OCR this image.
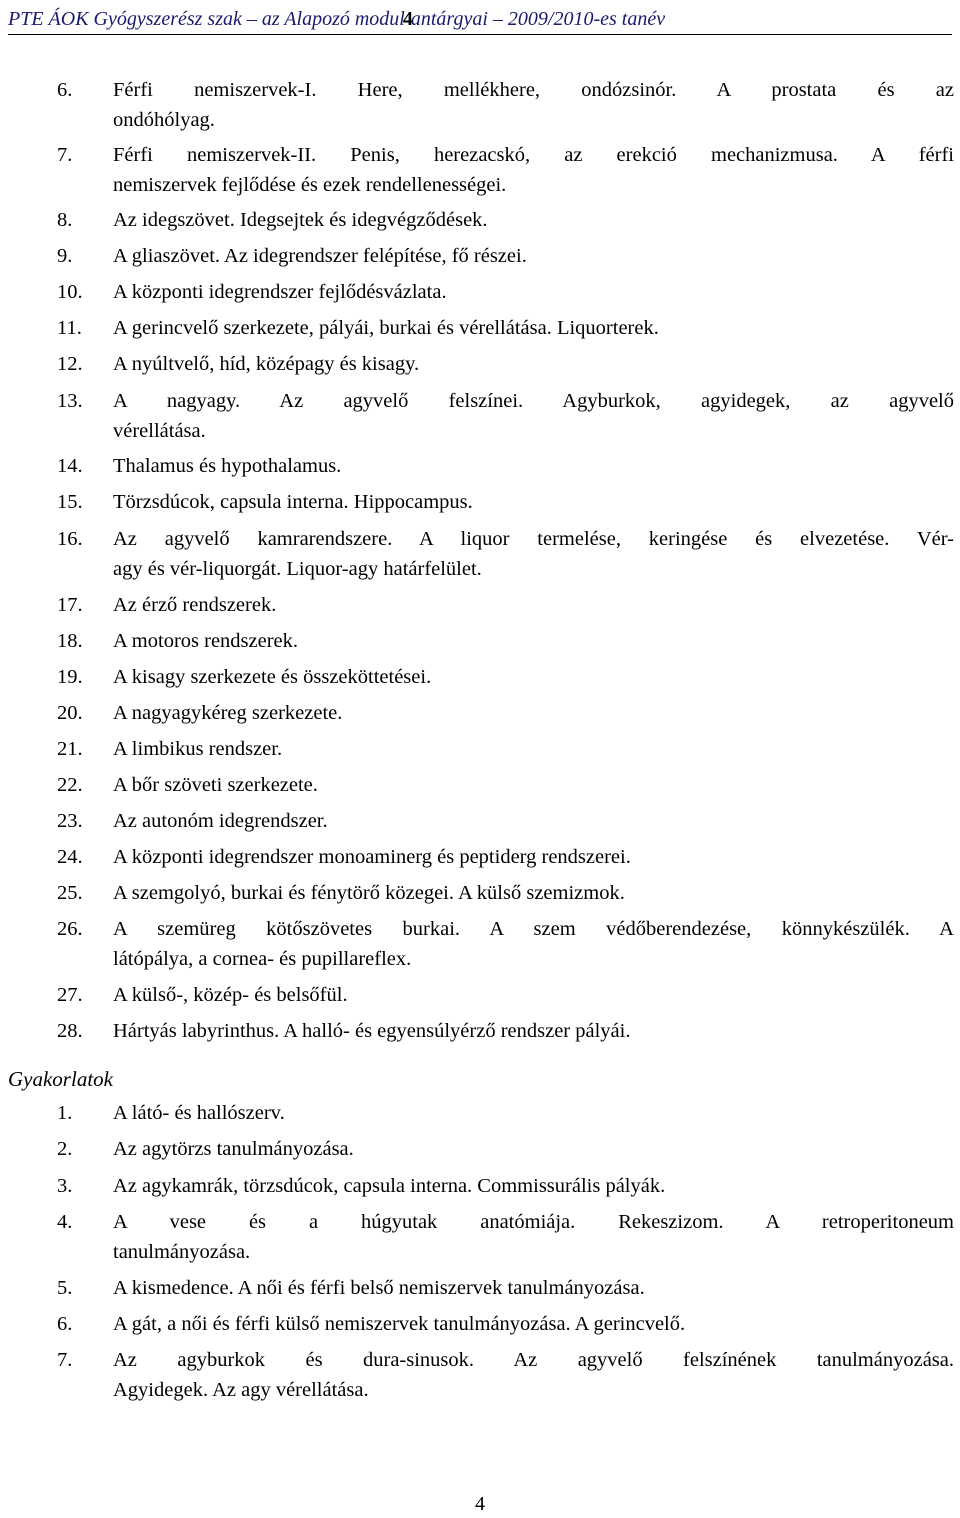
PTE ÁOK Gyógyszerész szak – az Alapozó modul4antárgyai – 2009/2010-es tanév
6. Férfi nemiszervek-I. Here, mellékhere, ondózsinór. A prostata és az
ondóhólyag.
7. Férfi nemiszervek-II. Penis, herezacskó, az erekció mechanizmusa. A férfi
nemiszervek fejlődése és ezek rendellenességei.
8. Az idegszövet. Idegsejtek és idegvégződések.
9. A gliaszövet. Az idegrendszer felépítése, fő részei.
10. A központi idegrendszer fejlődésvázlata.
11. A gerincvelő szerkezete, pályái, burkai és vérellátása. Liquorterek.
12. A nyúltvelő, híd, középagy és kisagy.
13. A nagyagy. Az agyvelő felszínei. Agyburkok, agyidegek, az agyvelő
vérellátása.
14. Thalamus és hypothalamus.
15. Törzsdúcok, capsula interna. Hippocampus.
16. Az agyvelő kamrarendszere. A liquor termelése, keringése és elvezetése. Vér-
agy és vér-liquorgát. Liquor-agy határfelület.
17. Az érző rendszerek.
18. A motoros rendszerek.
19. A kisagy szerkezete és összeköttetései.
20. A nagyagykéreg szerkezete.
21. A limbikus rendszer.
22. A bőr szöveti szerkezete.
23. Az autonóm idegrendszer.
24. A központi idegrendszer monoaminerg és peptiderg rendszerei.
25. A szemgolyó, burkai és fénytörő közegei. A külső szemizmok.
26. A szemüreg kötőszövetes burkai. A szem védőberendezése, könnykészülék. A
látópálya, a cornea- és pupillareflex.
27. A külső-, közép- és belsőfül.
28. Hártyás labyrinthus. A halló- és egyensúlyérző rendszer pályái.
Gyakorlatok
1. A látó- és hallószerv.
2. Az agytörzs tanulmányozása.
3. Az agykamrák, törzsdúcok, capsula interna. Commissurális pályák.
4. A vese és a húgyutak anatómiája. Rekeszizom. A retroperitoneum
tanulmányozása.
5. A kismedence. A női és férfi belső nemiszervek tanulmányozása.
6. A gát, a női és férfi külső nemiszervek tanulmányozása. A gerincvelő.
7. Az agyburkok és dura-sinusok. Az agyvelő felszínének tanulmányozása.
Agyidegek. Az agy vérellátása.
4
